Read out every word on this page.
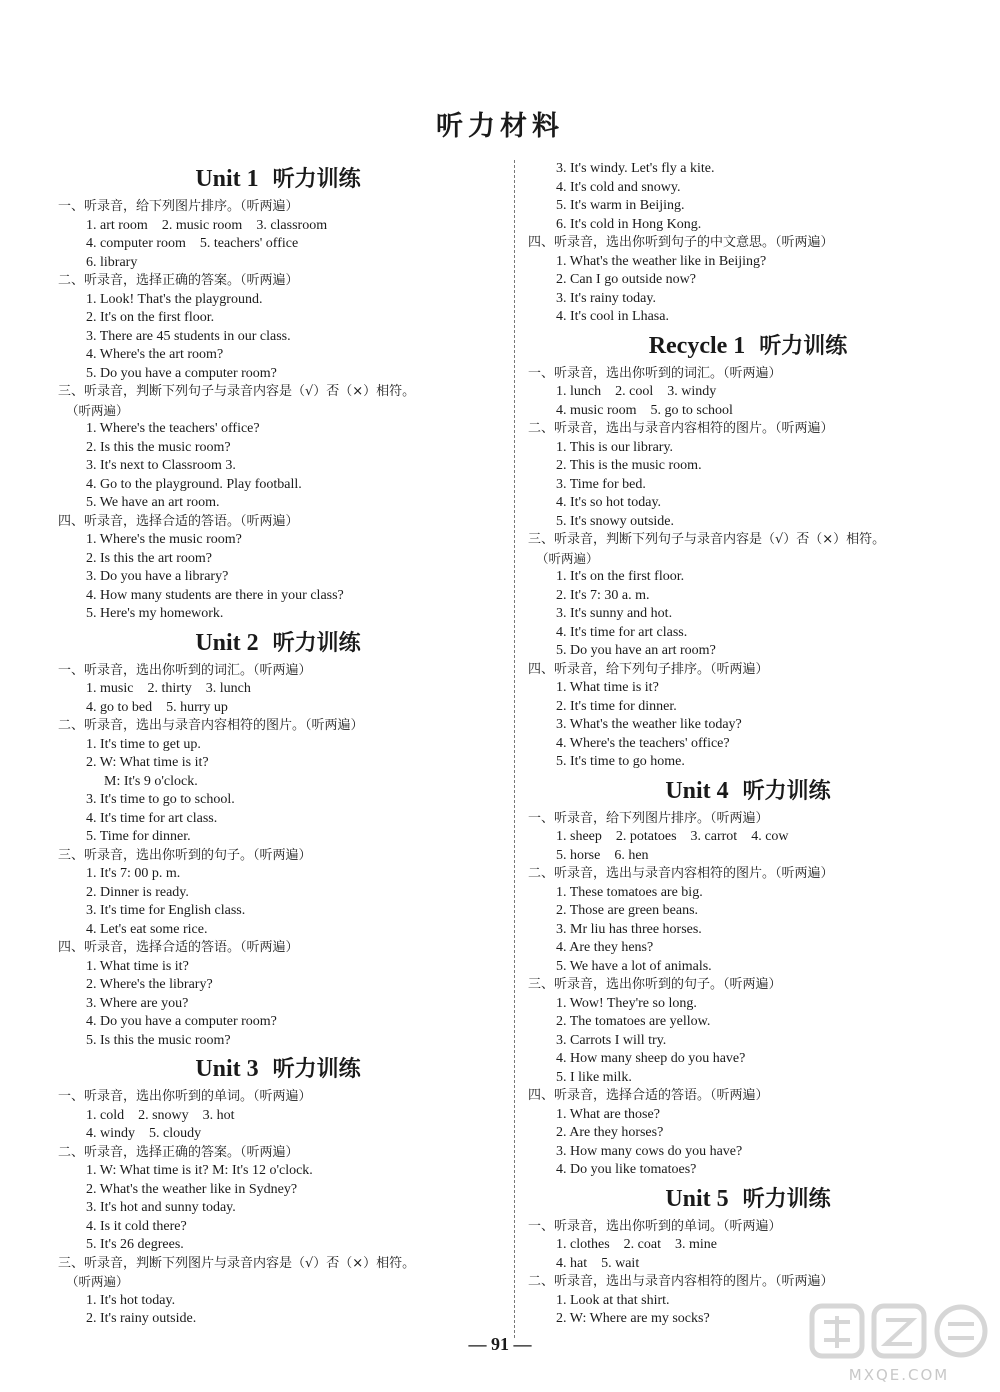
听力材料
Unit 1 听力训练
一、听录音，给下列图片排序。（听两遍）
1. art room 2. music room 3. classroom
4. computer room 5. teachers' office
6. library
二、听录音，选择正确的答案。（听两遍）
1. Look! That's the playground.
2. It's on the first floor.
3. There are 45 students in our class.
4. Where's the art room?
5. Do you have a computer room?
三、听录音，判断下列句子与录音内容是（√）否（×）相符。
（听两遍）
1. Where's the teachers' office?
2. Is this the music room?
3. It's next to Classroom 3.
4. Go to the playground. Play football.
5. We have an art room.
四、听录音，选择合适的答语。（听两遍）
1. Where's the music room?
2. Is this the art room?
3. Do you have a library?
4. How many students are there in your class?
5. Here's my homework.
Unit 2 听力训练
一、听录音，选出你听到的词汇。（听两遍）
1. music 2. thirty 3. lunch
4. go to bed 5. hurry up
二、听录音，选出与录音内容相符的图片。（听两遍）
1. It's time to get up.
2. W: What time is it?
M: It's 9 o'clock.
3. It's time to go to school.
4. It's time for art class.
5. Time for dinner.
三、听录音，选出你听到的句子。（听两遍）
1. It's 7: 00 p. m.
2. Dinner is ready.
3. It's time for English class.
4. Let's eat some rice.
四、听录音，选择合适的答语。（听两遍）
1. What time is it?
2. Where's the library?
3. Where are you?
4. Do you have a computer room?
5. Is this the music room?
Unit 3 听力训练
一、听录音，选出你听到的单词。（听两遍）
1. cold 2. snowy 3. hot
4. windy 5. cloudy
二、听录音，选择正确的答案。（听两遍）
1. W: What time is it? M: It's 12 o'clock.
2. What's the weather like in Sydney?
3. It's hot and sunny today.
4. Is it cold there?
5. It's 26 degrees.
三、听录音，判断下列图片与录音内容是（√）否（×）相符。
（听两遍）
1. It's hot today.
2. It's rainy outside.
3. It's windy. Let's fly a kite.
4. It's cold and snowy.
5. It's warm in Beijing.
6. It's cold in Hong Kong.
四、听录音，选出你听到句子的中文意思。（听两遍）
1. What's the weather like in Beijing?
2. Can I go outside now?
3. It's rainy today.
4. It's cool in Lhasa.
Recycle 1 听力训练
一、听录音，选出你听到的词汇。（听两遍）
1. lunch 2. cool 3. windy
4. music room 5. go to school
二、听录音，选出与录音内容相符的图片。（听两遍）
1. This is our library.
2. This is the music room.
3. Time for bed.
4. It's so hot today.
5. It's snowy outside.
三、听录音，判断下列句子与录音内容是（√）否（×）相符。
（听两遍）
1. It's on the first floor.
2. It's 7: 30 a. m.
3. It's sunny and hot.
4. It's time for art class.
5. Do you have an art room?
四、听录音，给下列句子排序。（听两遍）
1. What time is it?
2. It's time for dinner.
3. What's the weather like today?
4. Where's the teachers' office?
5. It's time to go home.
Unit 4 听力训练
一、听录音，给下列图片排序。（听两遍）
1. sheep 2. potatoes 3. carrot 4. cow
5. horse 6. hen
二、听录音，选出与录音内容相符的图片。（听两遍）
1. These tomatoes are big.
2. Those are green beans.
3. Mr liu has three horses.
4. Are they hens?
5. We have a lot of animals.
三、听录音，选出你听到的句子。（听两遍）
1. Wow! They're so long.
2. The tomatoes are yellow.
3. Carrots I will try.
4. How many sheep do you have?
5. I like milk.
四、听录音，选择合适的答语。（听两遍）
1. What are those?
2. Are they horses?
3. How many cows do you have?
4. Do you like tomatoes?
Unit 5 听力训练
一、听录音，选出你听到的单词。（听两遍）
1. clothes 2. coat 3. mine
4. hat 5. wait
二、听录音，选出与录音内容相符的图片。（听两遍）
1. Look at that shirt.
2. W: Where are my socks?
— 91 —
MXQE.COM
